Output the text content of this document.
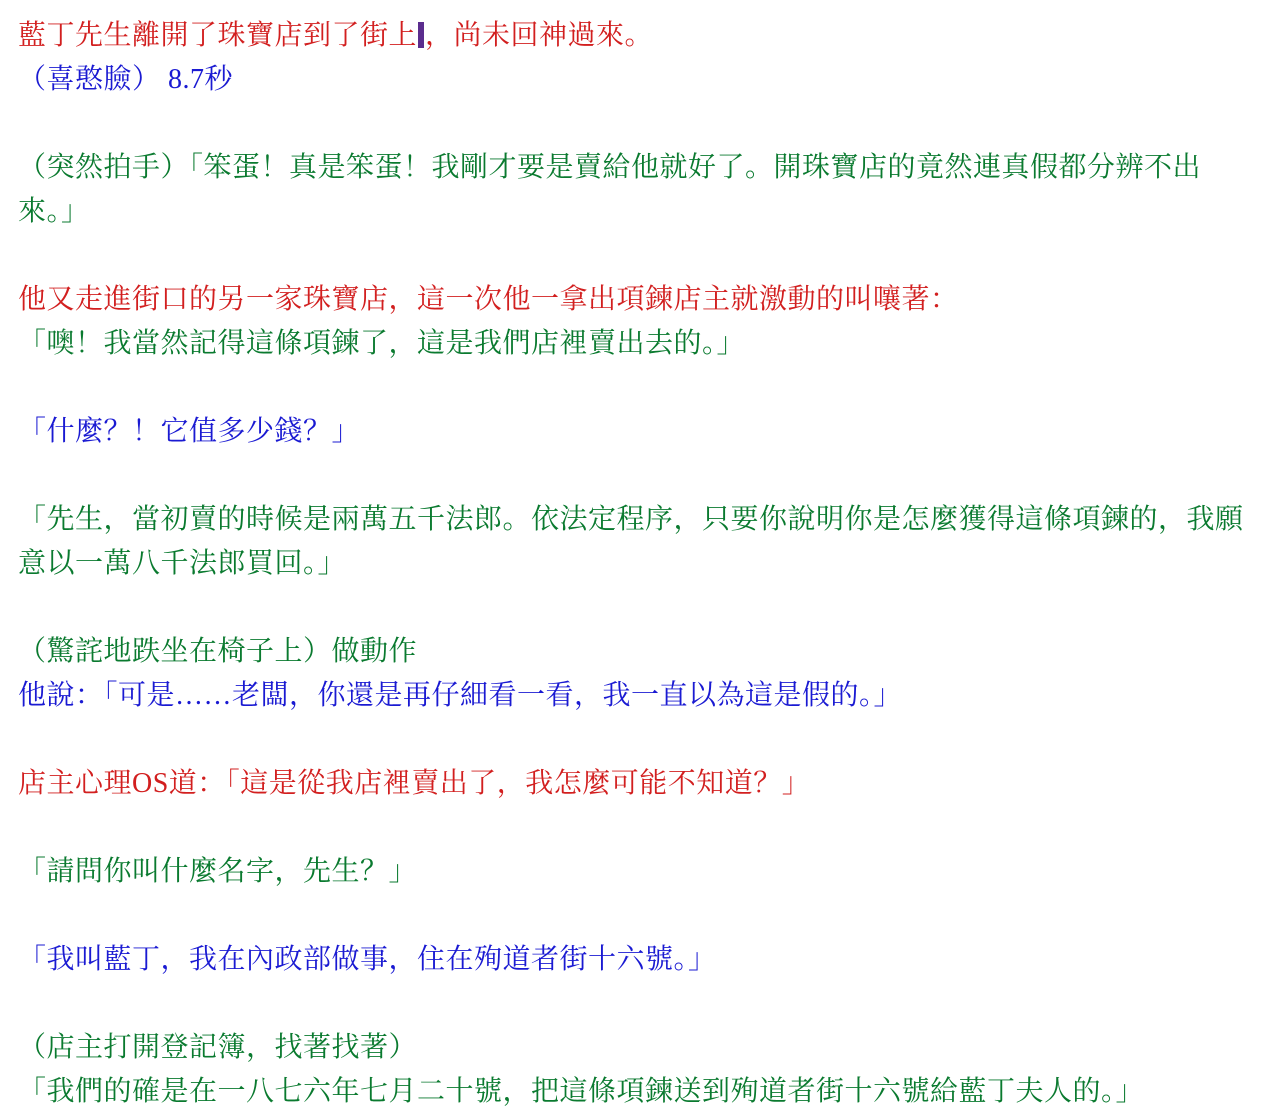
藍丁先生離開了珠寶店到了街上 ，尚未回神過來。
（喜憨臉） 8.7秒
（突然拍手）「笨蛋！真是笨蛋！我剛才要是賣給他就好了。開珠寶店的竟然連真假都分辨不出來。」
他又走進街口的另一家珠寶店，這一次他一拿出項鍊店主就激動的叫嚷著：
「噢！我當然記得這條項鍊了，這是我們店裡賣出去的。」
「什麼？！它值多少錢？」
「先生，當初賣的時候是兩萬五千法郎。依法定程序，只要你說明你是怎麼獲得這條項鍊的，我願意以一萬八千法郎買回。」
（驚詫地跌坐在椅子上）做動作
他說：「可是……老闆，你還是再仔細看一看，我一直以為這是假的。」
店主心理OS道：「這是從我店裡賣出了，我怎麼可能不知道？」
「請問你叫什麼名字，先生？」
「我叫藍丁，我在內政部做事，住在殉道者街十六號。」
（店主打開登記簿，找著找著）
「我們的確是在一八七六年七月二十號，把這條項鍊送到殉道者街十六號給藍丁夫人的。」
